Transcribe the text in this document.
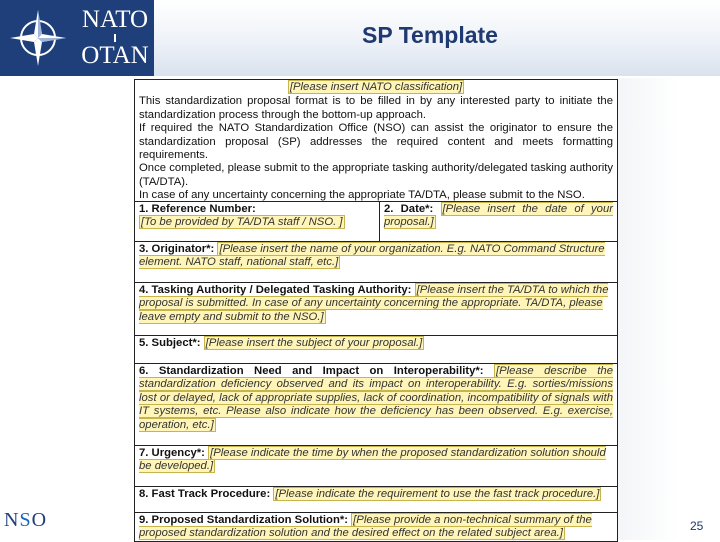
NATO
OTAN
SP Template
[Please insert NATO classification]
This standardization proposal format is to be filled in by any interested party to initiate the standardization process through the bottom-up approach.
If required the NATO Standardization Office (NSO) can assist the originator to ensure the standardization proposal (SP) addresses the required content and meets formatting requirements.
Once completed, please submit to the appropriate tasking authority/delegated tasking authority (TA/DTA).
In case of any uncertainty concerning the appropriate TA/DTA, please submit to the NSO.
1. Reference Number:
[To be provided by TA/DTA staff / NSO. ]
2. Date*: [Please insert the date of your proposal.]
3. Originator*: [Please insert the name of your organization. E.g. NATO Command Structure element. NATO staff, national staff, etc.]
4. Tasking Authority / Delegated Tasking Authority: [Please insert the TA/DTA to which the proposal is submitted. In case of any uncertainty concerning the appropriate. TA/DTA, please leave empty and submit to the NSO.]
5. Subject*: [Please insert the subject of your proposal.]
6. Standardization Need and Impact on Interoperability*: [Please describe the standardization deficiency observed and its impact on interoperability. E.g. sorties/missions lost or delayed, lack of appropriate supplies, lack of coordination, incompatibility of signals with IT systems, etc. Please also indicate how the deficiency has been observed. E.g. exercise, operation, etc.]
7. Urgency*: [Please indicate the time by when the proposed standardization solution should be developed.]
8. Fast Track Procedure: [Please indicate the requirement to use the fast track procedure.]
9. Proposed Standardization Solution*: [Please provide a non-technical summary of the proposed standardization solution and the desired effect on the related subject area.]
NSO	25
